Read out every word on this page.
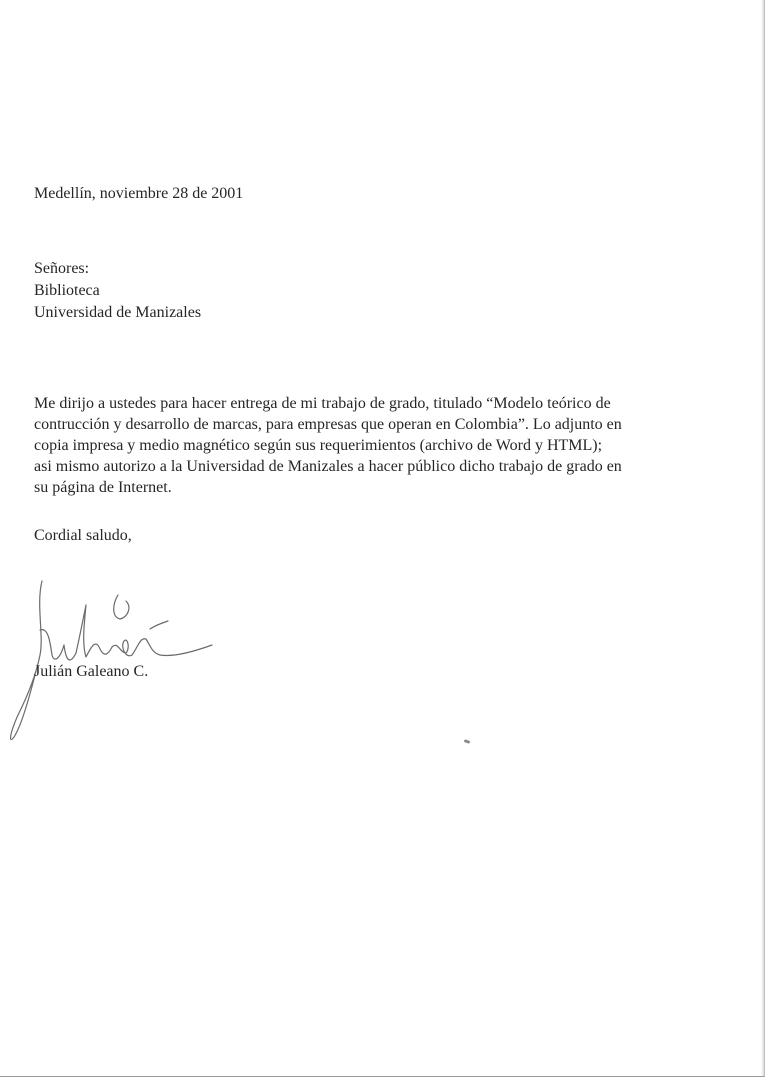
Medellín, noviembre 28 de 2001
Señores:
Biblioteca
Universidad de Manizales
Me dirijo a ustedes para hacer entrega de mi trabajo de grado, titulado “Modelo teórico de
contrucción y desarrollo de marcas, para empresas que operan en Colombia”. Lo adjunto en
copia impresa y medio magnético según sus requerimientos (archivo de Word y HTML);
asi mismo autorizo a la Universidad de Manizales a hacer público dicho trabajo de grado en
su página de Internet.
Cordial saludo,
Julián Galeano C.
